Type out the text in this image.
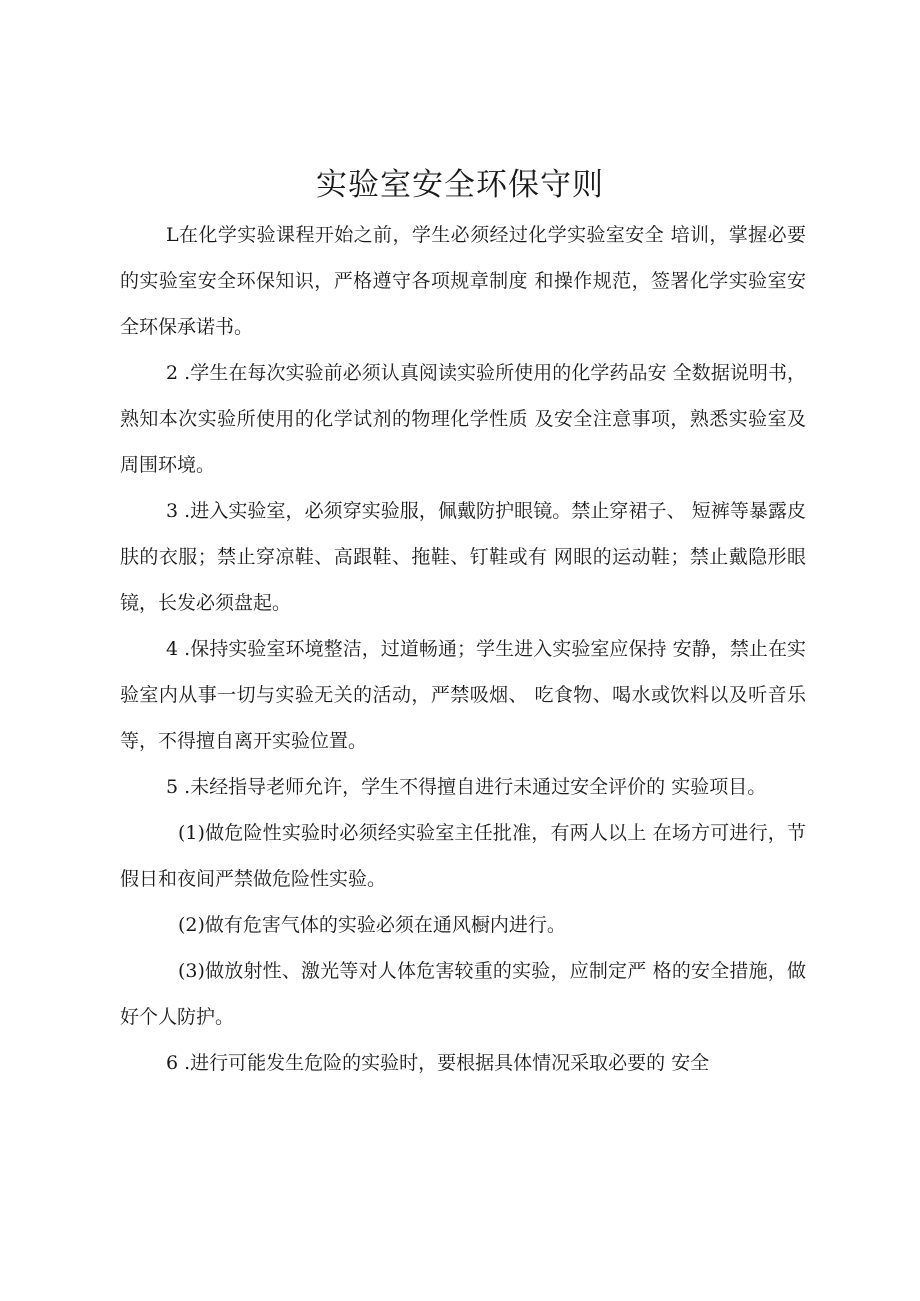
实验室安全环保守则

L在化学实验课程开始之前，学生必须经过化学实验室安全 培训，掌握必要的实验室安全环保知识，严格遵守各项规章制度 和操作规范，签署化学实验室安全环保承诺书。

2 .学生在每次实验前必须认真阅读实验所使用的化学药品安 全数据说明书，熟知本次实验所使用的化学试剂的物理化学性质 及安全注意事项，熟悉实验室及周围环境。

3 .进入实验室，必须穿实验服，佩戴防护眼镜。禁止穿裙子、 短裤等暴露皮肤的衣服；禁止穿凉鞋、高跟鞋、拖鞋、钉鞋或有 网眼的运动鞋；禁止戴隐形眼镜，长发必须盘起。

4 .保持实验室环境整洁，过道畅通；学生进入实验室应保持 安静，禁止在实验室内从事一切与实验无关的活动，严禁吸烟、 吃食物、喝水或饮料以及听音乐等，不得擅自离开实验位置。

5 .未经指导老师允许，学生不得擅自进行未通过安全评价的 实验项目。

(1)做危险性实验时必须经实验室主任批准，有两人以上 在场方可进行，节假日和夜间严禁做危险性实验。

(2)做有危害气体的实验必须在通风橱内进行。

(3)做放射性、激光等对人体危害较重的实验，应制定严 格的安全措施，做好个人防护。

6 .进行可能发生危险的实验时，要根据具体情况采取必要的 安全
